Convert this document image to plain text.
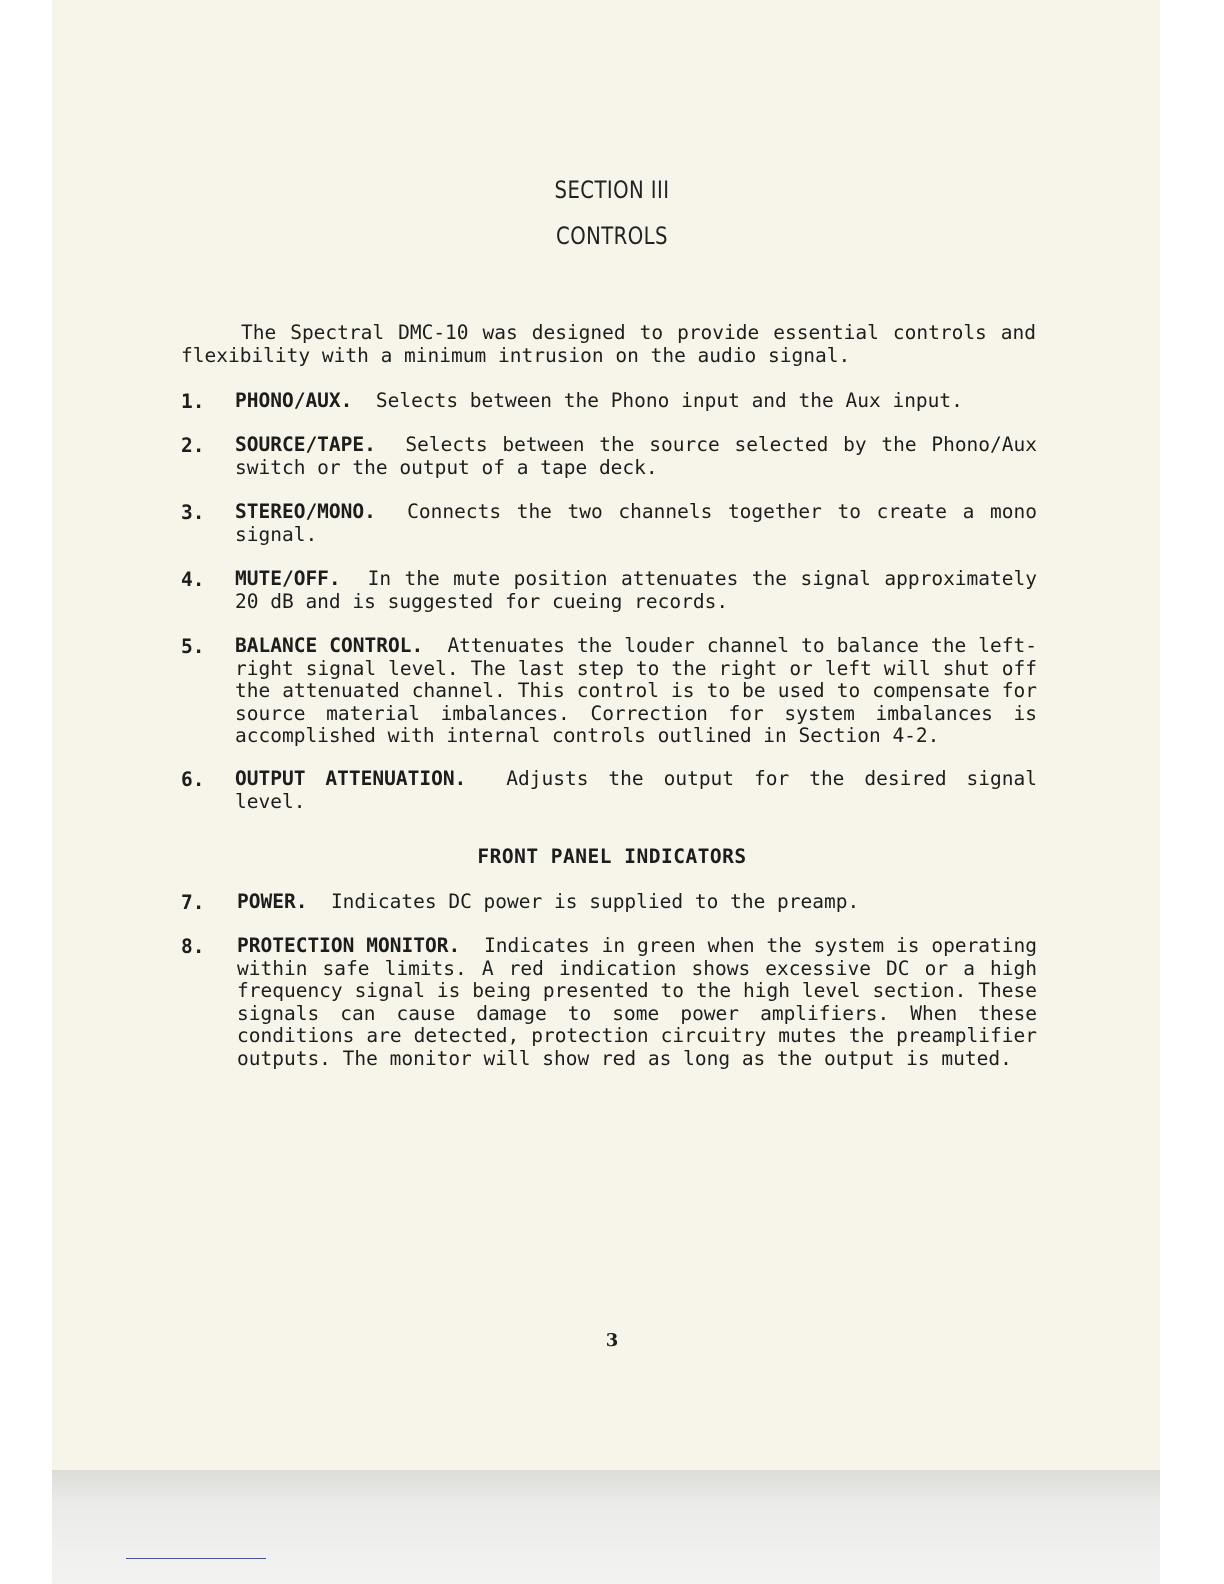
SECTION III
CONTROLS
The Spectral DMC-10 was designed to provide essential controls and
flexibility with a minimum intrusion on the audio signal.
1. PHONO/AUX. Selects between the Phono input and the Aux input.
2. SOURCE/TAPE. Selects between the source selected by the Phono/Aux switch or the output of a tape deck.
3. STEREO/MONO. Connects the two channels together to create a mono signal.
4. MUTE/OFF. In the mute position attenuates the signal approximately 20 dB and is suggested for cueing records.
5. BALANCE CONTROL. Attenuates the louder channel to balance the left-right signal level. The last step to the right or left will shut off the attenuated channel. This control is to be used to compensate for source material imbalances. Correction for system imbalances is accomplished with internal controls outlined in Section 4-2.
6. OUTPUT ATTENUATION. Adjusts the output for the desired signal level.
FRONT PANEL INDICATORS
7. POWER. Indicates DC power is supplied to the preamp.
8. PROTECTION MONITOR. Indicates in green when the system is operating within safe limits. A red indication shows excessive DC or a high frequency signal is being presented to the high level section. These signals can cause damage to some power amplifiers. When these conditions are detected, protection circuitry mutes the preamplifier outputs. The monitor will show red as long as the output is muted.
3
